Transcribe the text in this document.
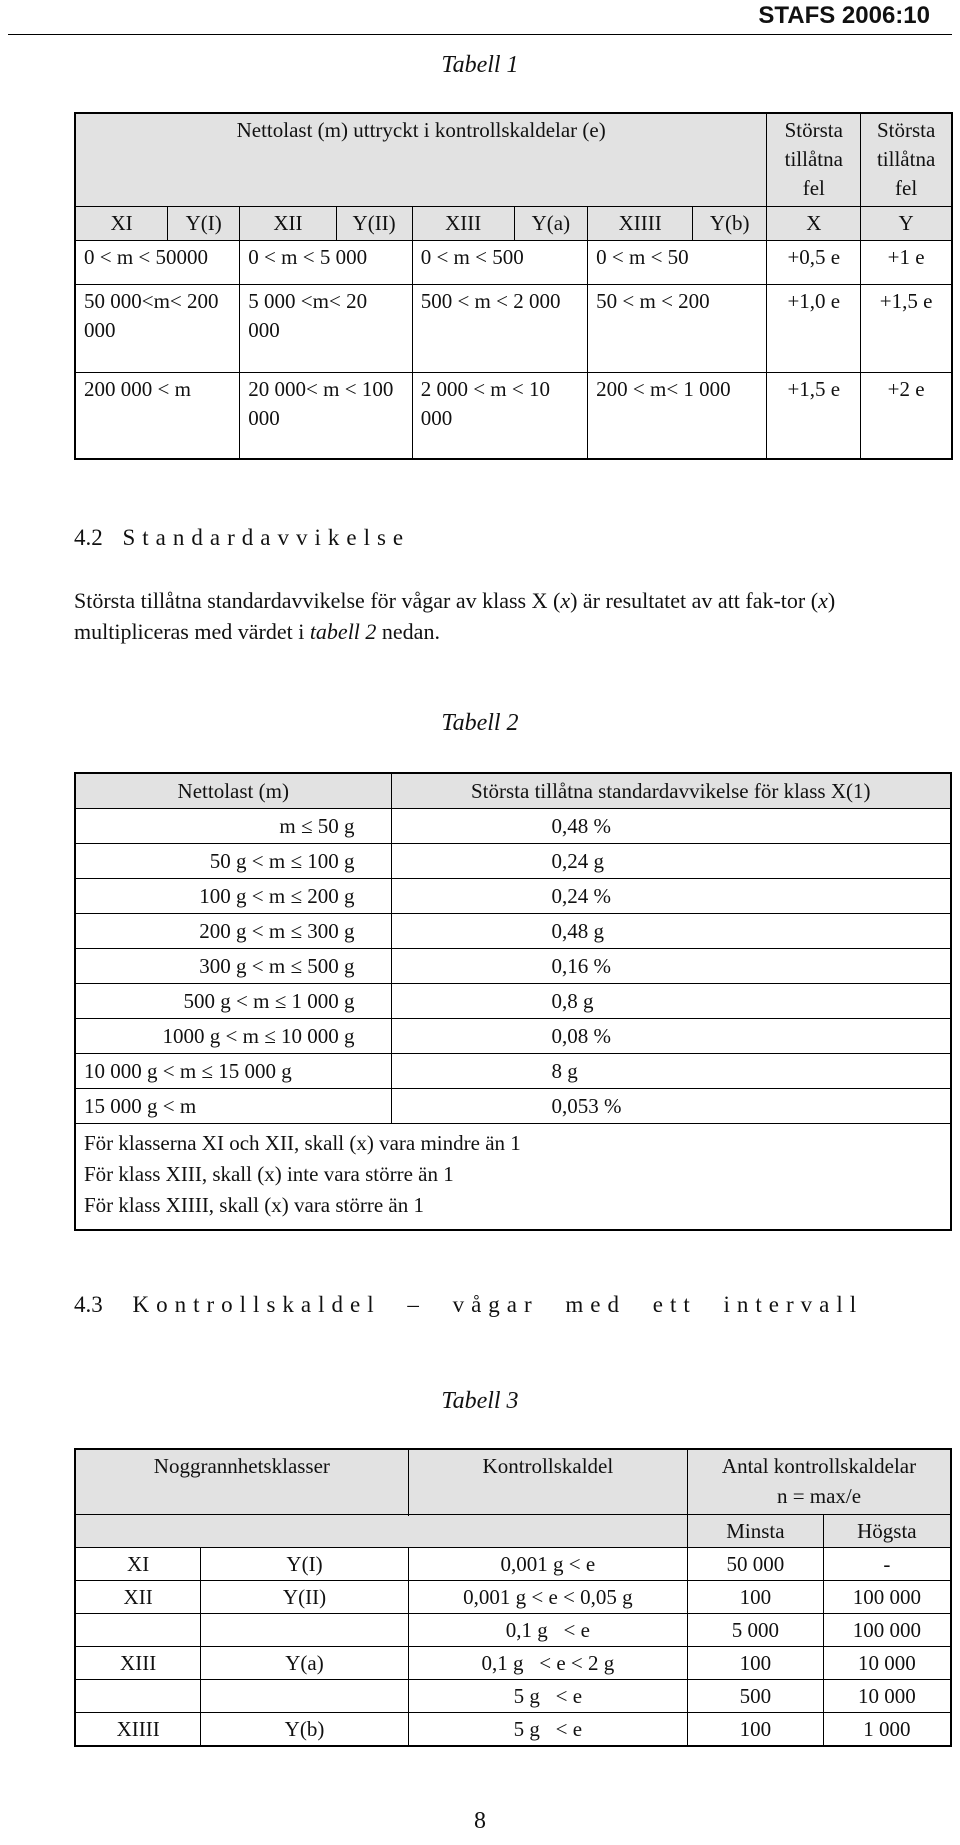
STAFS 2006:10
Tabell 1
Nettolast (m) uttryckt i kontrollskaldelar (e)								Största tillåtna fel	Största tillåtna fel
XI	Y(I)	XII	Y(II)	XIII	Y(a)	XIIII	Y(b)	X	Y
0 < m < 50000		0 < m < 5 000		0 < m < 500		0 < m < 50		+0,5 e	+1 e
50 000<m< 200 000		5 000 <m< 20 000		500 < m < 2 000		50 < m < 200		+1,0 e	+1,5 e
200 000 < m		20 000< m < 100 000		2 000 < m < 10 000		200 < m< 1 000		+1,5 e	+2 e
4.2 Standardavvikelse
Största tillåtna standardavvikelse för vågar av klass X (x) är resultatet av att fak-tor (x) multipliceras med värdet i tabell 2 nedan.
Tabell 2
Nettolast (m)	Största tillåtna standardavvikelse för klass X(1)
m ≤ 50 g	0,48 %
50 g < m ≤ 100 g	0,24 g
100 g < m ≤ 200 g	0,24 %
200 g < m ≤ 300 g	0,48 g
300 g < m ≤ 500 g	0,16 %
500 g < m ≤ 1 000 g	0,8 g
1000 g < m ≤ 10 000 g	0,08 %
10 000 g < m ≤ 15 000 g	8 g
15 000 g < m	0,053 %

För klasserna XI och XII, skall (x) vara mindre än 1
För klass XIII, skall (x) inte vara större än 1
För klass XIIII, skall (x) vara större än 1	
4.3 Kontrollskaldel – vågar med ett intervall
Tabell 3
Noggrannhetsklasser		Kontrollskaldel	Antal kontrollskaldelar
n = max/e	

			Minsta	Högsta
XI	Y(I)	0,001 g < e	50 000	-
XII	Y(II)	0,001 g < e < 0,05 g	100	100 000
		0,1 g   < e	5 000	100 000
XIII	Y(a)	0,1 g   < e < 2 g	100	10 000
		5 g   < e	500	10 000
XIIII	Y(b)	5 g   < e	100	1 000
8
